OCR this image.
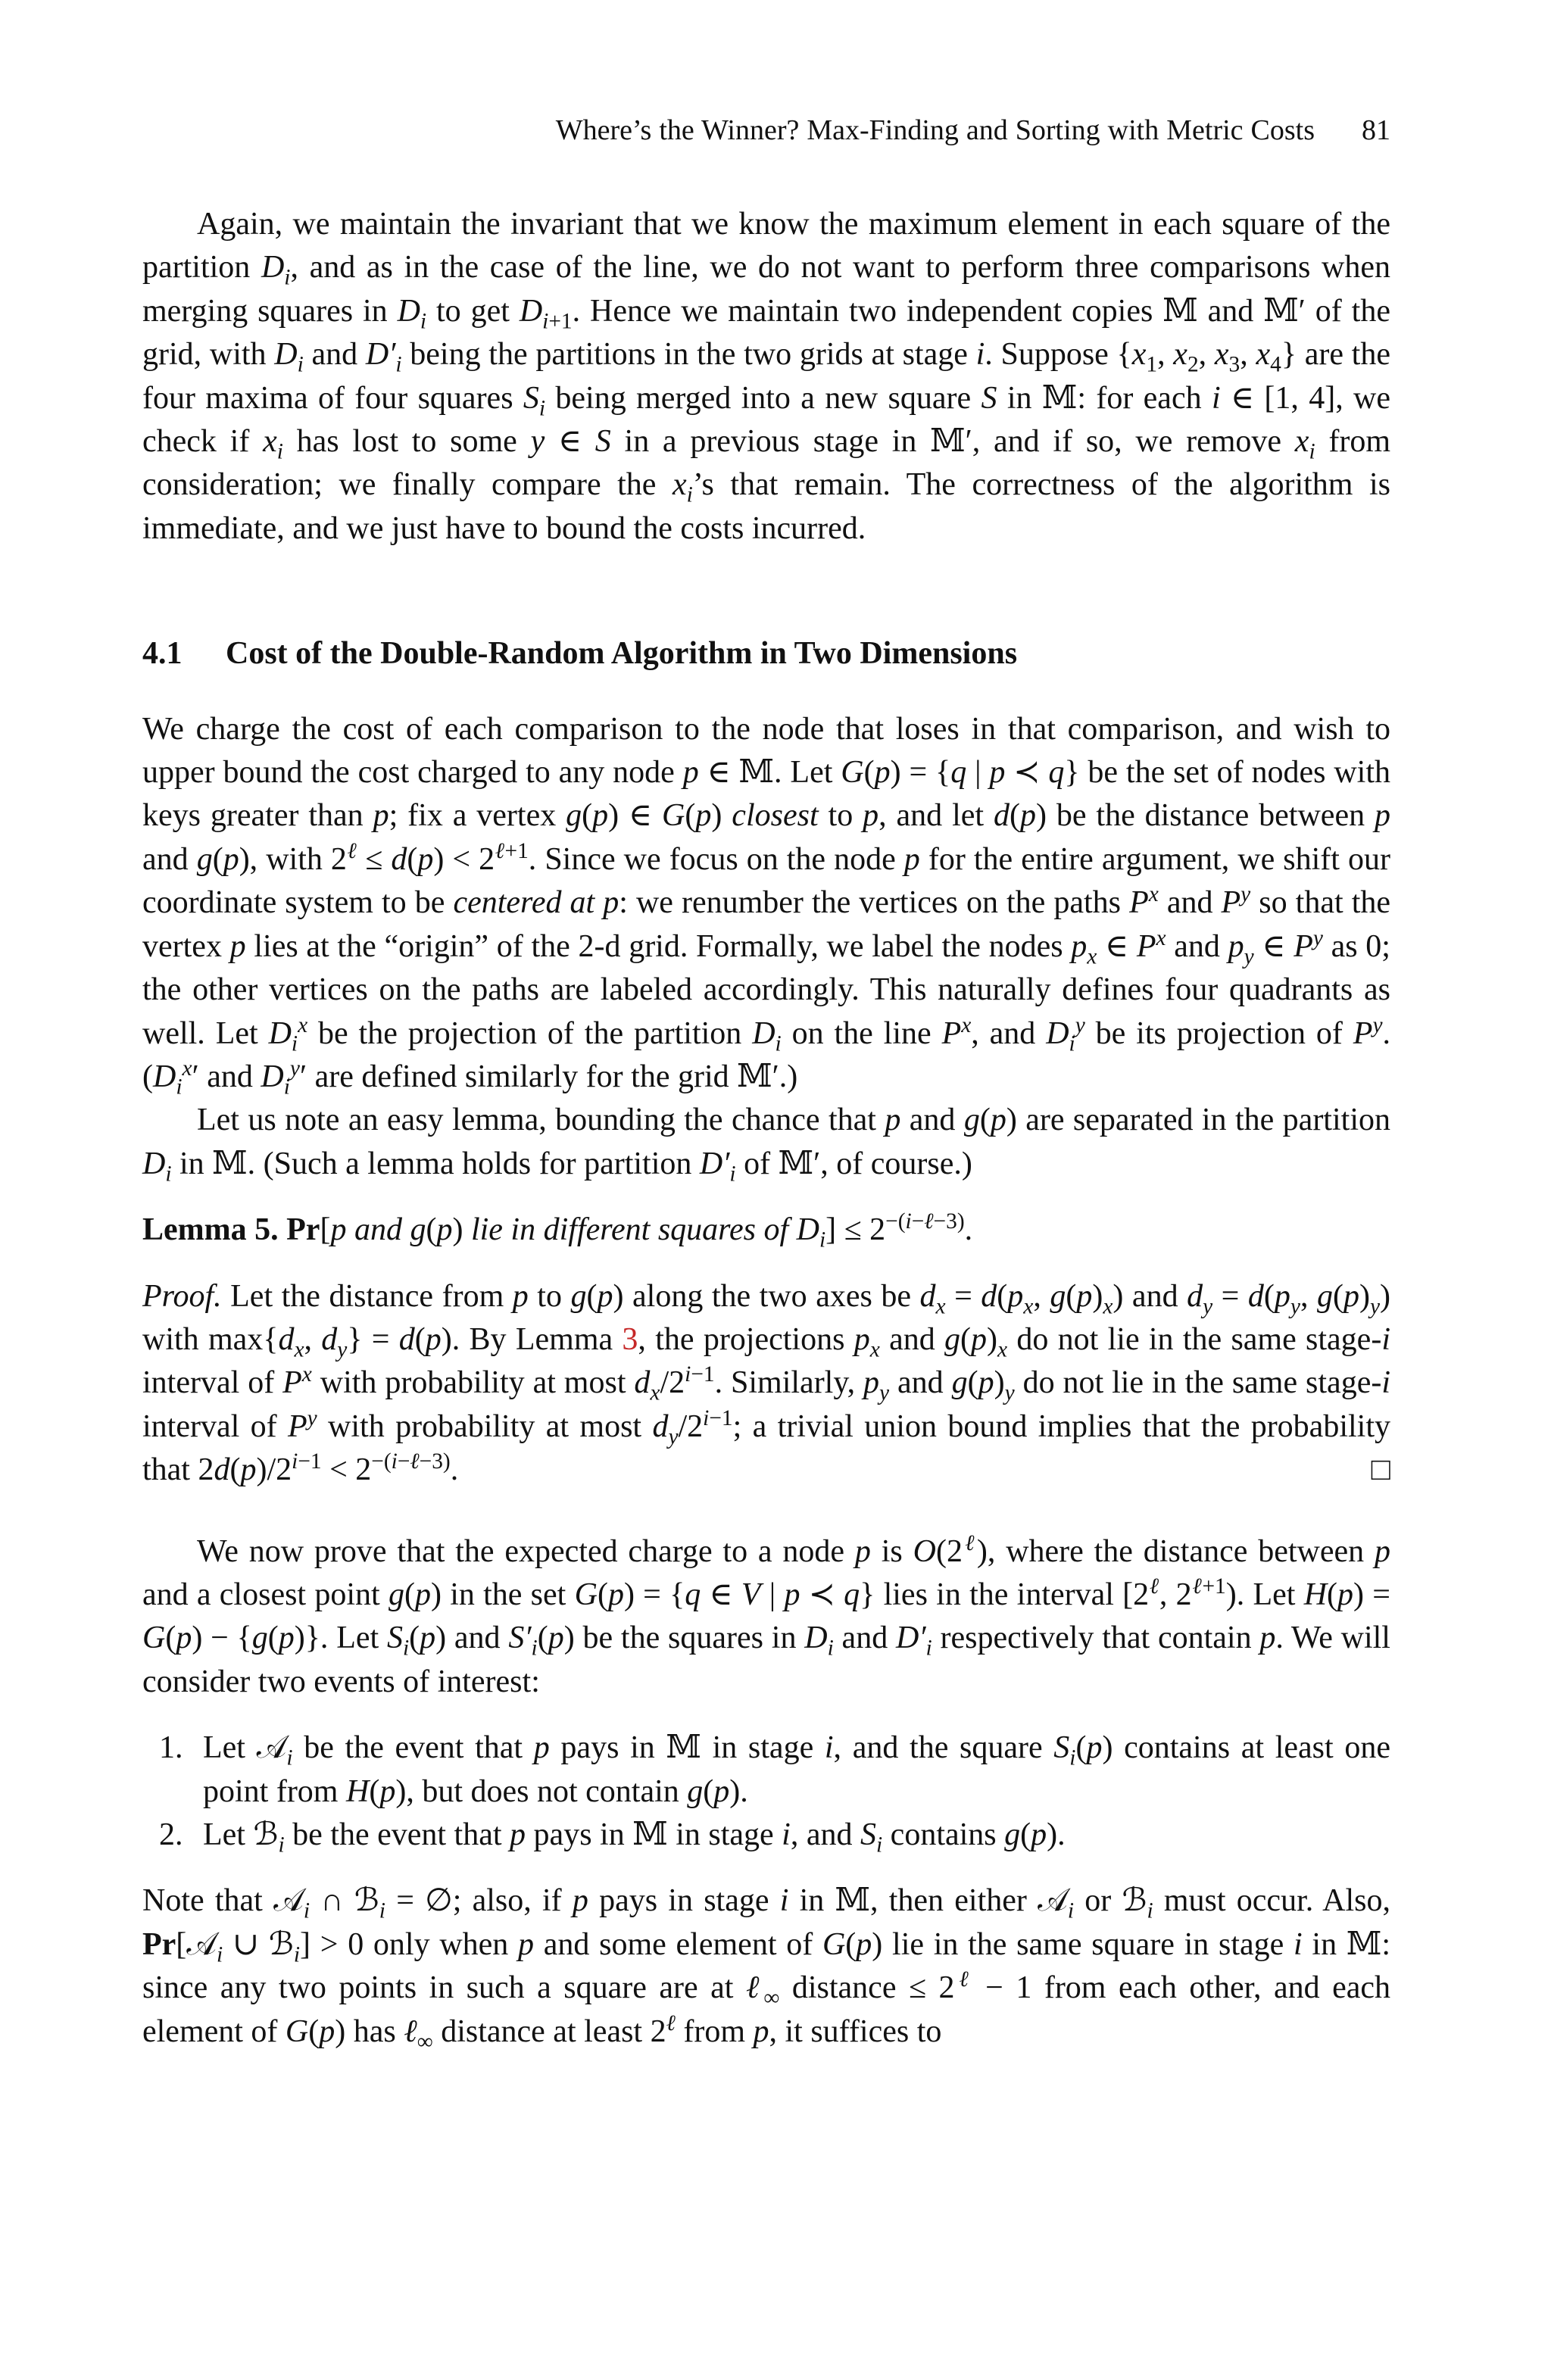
Where’s the Winner? Max-Finding and Sorting with Metric Costs 81

Again, we maintain the invariant that we know the maximum element in each square of the partition $D_i$, and as in the case of the line, we do not want to perform three comparisons when merging squares in $D_i$ to get $D_{i+1}$. Hence we maintain two independent copies 𝕄 and 𝕄′ of the grid, with $D_i$ and $D'_i$ being the partitions in the two grids at stage i. Suppose {$x_1$, $x_2$, $x_3$, $x_4$} are the four maxima of four squares $S_i$ being merged into a new square S in 𝕄: for each i ∈ [1, 4], we check if $x_i$ has lost to some y ∈ S in a previous stage in 𝕄′, and if so, we remove $x_i$ from consideration; we finally compare the $x_i’s$ that remain. The correctness of the algorithm is immediate, and we just have to bound the costs incurred.

4.1 Cost of the Double-Random Algorithm in Two Dimensions

We charge the cost of each comparison to the node that loses in that comparison, and wish to upper bound the cost charged to any node p ∈ 𝕄. Let G(p) = {q | p ≺ q} be the set of nodes with keys greater than p; fix a vertex g(p) ∈ G(p) closest to p, and let d(p) be the distance between p and g(p), with $2^\ell \le d(p) < 2^{\ell+1}$. Since we focus on the node p for the entire argument, we shift our coordinate system to be centered at p: we renumber the vertices on the paths $P^x$ and $P^y$ so that the vertex p lies at the “origin” of the 2-d grid. Formally, we label the nodes $p_x$ ∈ $P^x$ and $p_y$ ∈ $P^y$ as 0; the other vertices on the paths are labeled accordingly. This naturally defines four quadrants as well. Let $D_i^x$ be the projection of the partition $D_i$ on the line $P^x$, and $D_i^y$ be its projection of $P^y$. ($D_i^x'$ and $D_i^y'$ are defined similarly for the grid 𝕄′.)

Let us note an easy lemma, bounding the chance that p and g(p) are separated in the partition $D_i$ in 𝕄. (Such a lemma holds for partition $D'_i$ of 𝕄′, of course.)

Lemma 5. Pr[p and g(p) lie in different squares of $D_i] \le 2^{-(i-\ell-3)}$.

Proof. Let the distance from p to g(p) along the two axes be $d_x = d(p_x$, $g(p)_x$) and $d_y = d(p_y$, $g(p)_y$) with $\max\{d_x$, $d_y\} = d(p)$. By Lemma 3, the projections $p_x$ and $g(p)_x$ do not lie in the same stage-i interval of $P^x$ with probability at most $d_x/2^{i-1}$. Similarly, $p_y$ and $g(p)_y$ do not lie in the same stage-i interval of $P^y$ with probability at most $d_y/2^{i-1}$; a trivial union bound implies that the probability that $2d(p)/2^{i-1} < 2^{-(i-\ell-3)}$.	□

We now prove that the expected charge to a node p is $O(2^\ell)$, where the distance between p and a closest point g(p) in the set G(p) = {q ∈ V | p ≺ q} lies in the interval [$2^\ell$, $2^{\ell+1}$). Let H(p) = G(p) − {g(p)}. Let $S_i(p)$ and $S'_i(p)$ be the squares in $D_i$ and $D'_i$ respectively that contain p. We will consider two events of interest:

1. Let 𝒜$_i$ be the event that p pays in 𝕄 in stage i, and the square $S_i(p)$ contains at least one point from H(p), but does not contain g(p).
2. Let ℬ$_i$ be the event that p pays in 𝕄 in stage i, and $S_i$ contains g(p).

Note that 𝒜$_i$ ∩ ℬ$_i$ = ∅; also, if p pays in stage i in 𝕄, then either 𝒜$_i$ or ℬ$_i$ must occur. Also, Pr[𝒜$_i$ ∪ ℬ$_i$] > 0 only when p and some element of G(p) lie in the same square in stage i in 𝕄: since any two points in such a square are at ℓ$_\infty$ distance ≤ $2^\ell - 1$ from each other, and each element of G(p) has ℓ$_\infty$ distance at least $2^\ell$ from p, it suffices to
